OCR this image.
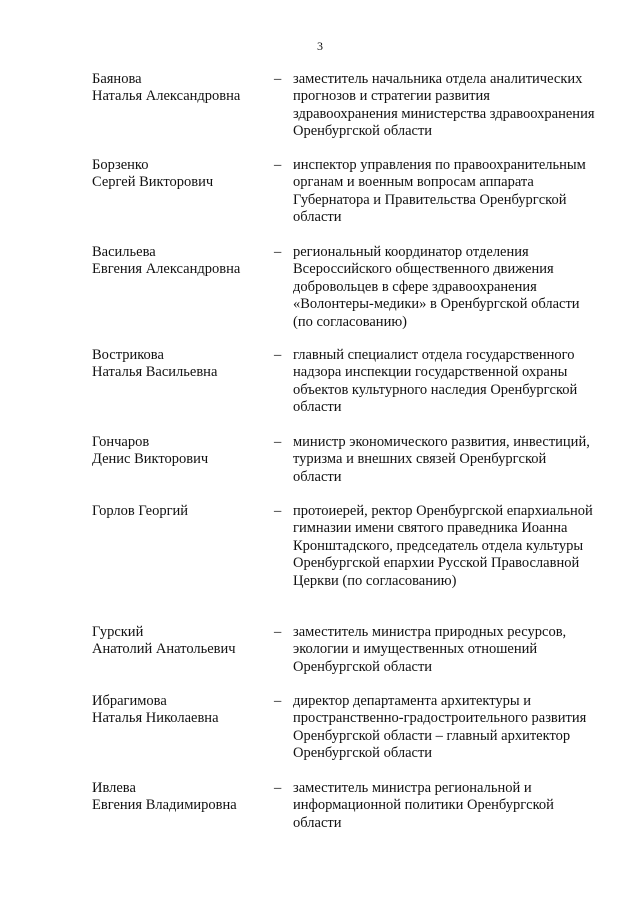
3
Баянова
Наталья Александровна
– заместитель начальника отдела аналитических прогнозов и стратегии развития здравоохранения министерства здравоохранения Оренбургской области
Борзенко
Сергей Викторович
– инспектор управления по правоохранительным органам и военным вопросам аппарата Губернатора и Правительства Оренбургской области
Васильева
Евгения Александровна
– региональный координатор отделения Всероссийского общественного движения добровольцев в сфере здравоохранения «Волонтеры-медики» в Оренбургской области (по согласованию)
Вострикова
Наталья Васильевна
– главный специалист отдела государственного надзора инспекции государственной охраны объектов культурного наследия Оренбургской области
Гончаров
Денис Викторович
– министр экономического развития, инвестиций, туризма и внешних связей Оренбургской области
Горлов Георгий	– протоиерей, ректор Оренбургской епархиальной гимназии имени святого праведника Иоанна Кронштадского, председатель отдела культуры Оренбургской епархии Русской Православной Церкви (по согласованию)
Гурский
Анатолий Анатольевич
– заместитель министра природных ресурсов, экологии и имущественных отношений Оренбургской области
Ибрагимова
Наталья Николаевна
– директор департамента архитектуры и пространственно-градостроительного развития Оренбургской области – главный архитектор Оренбургской области
Ивлева
Евгения Владимировна
– заместитель министра региональной и информационной политики Оренбургской области
